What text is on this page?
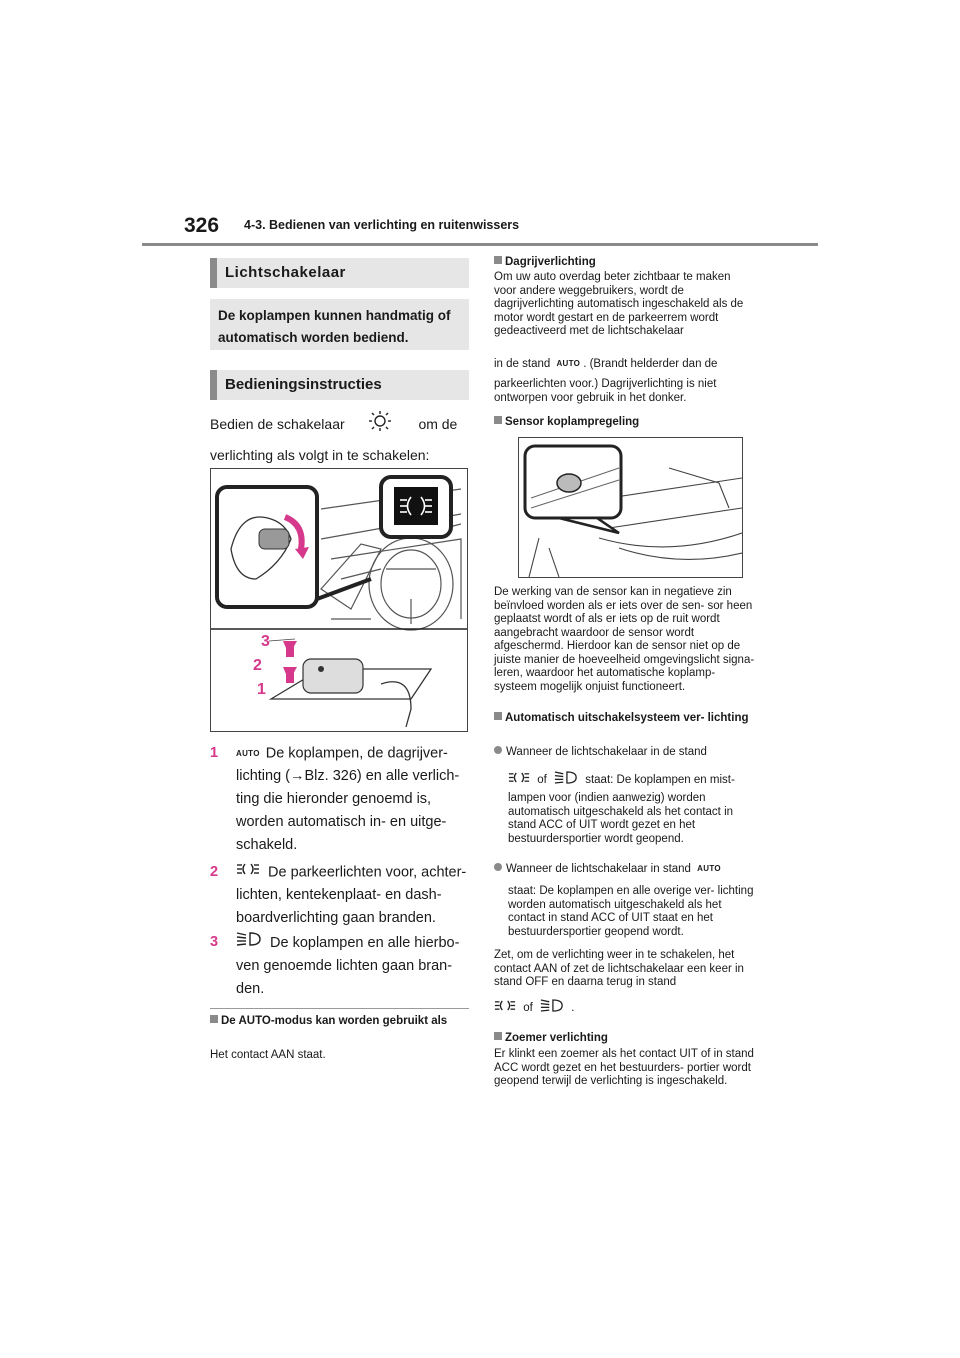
326 4-3. Bedienen van verlichting en ruitenwissers
Lichtschakelaar
De koplampen kunnen handmatig of automatisch worden bediend.
Bedieningsinstructies
Bedien de schakelaar	om de
verlichting als volgt in te schakelen:
3
2
1
1 AUTO De koplampen, de dagrijver-
lichting (→Blz. 326) en alle verlich-
ting die hieronder genoemd is,
worden automatisch in- en uitge-
schakeld.
2	De parkeerlichten voor, achter-
lichten, kentekenplaat- en dash-
boardverlichting gaan branden.
3	De koplampen en alle hierbo-
ven genoemde lichten gaan bran-
den.
De AUTO-modus kan worden gebruikt als
Het contact AAN staat.
Dagrijverlichting
Om uw auto overdag beter zichtbaar te maken voor andere weggebruikers, wordt de dagrijverlichting automatisch ingeschakeld als de motor wordt gestart en de parkeerrem wordt gedeactiveerd met de lichtschakelaar
in de stand AUTO . (Brandt helderder dan de
parkeerlichten voor.) Dagrijverlichting is niet ontworpen voor gebruik in het donker.
Sensor koplampregeling
De werking van de sensor kan in negatieve zin beïnvloed worden als er iets over de sen- sor heen geplaatst wordt of als er iets op de ruit wordt aangebracht waardoor de sensor wordt afgeschermd. Hierdoor kan de sensor niet op de juiste manier de hoeveelheid omgevingslicht signa- leren, waardoor het automatische koplamp- systeem mogelijk onjuist functioneert.
Automatisch uitschakelsysteem ver- lichting
Wanneer de lichtschakelaar in de stand
of	staat: De koplampen en mist-
lampen voor (indien aanwezig) worden automatisch uitgeschakeld als het contact in stand ACC of UIT wordt gezet en het bestuurdersportier wordt geopend.
Wanneer de lichtschakelaar in stand AUTO
staat: De koplampen en alle overige ver- lichting worden automatisch uitgeschakeld als het contact in stand ACC of UIT staat en het bestuurdersportier geopend wordt.
Zet, om de verlichting weer in te schakelen, het contact AAN of zet de lichtschakelaar een keer in stand OFF en daarna terug in stand
of	.
Zoemer verlichting
Er klinkt een zoemer als het contact UIT of in stand ACC wordt gezet en het bestuurders- portier wordt geopend terwijl de verlichting is ingeschakeld.
